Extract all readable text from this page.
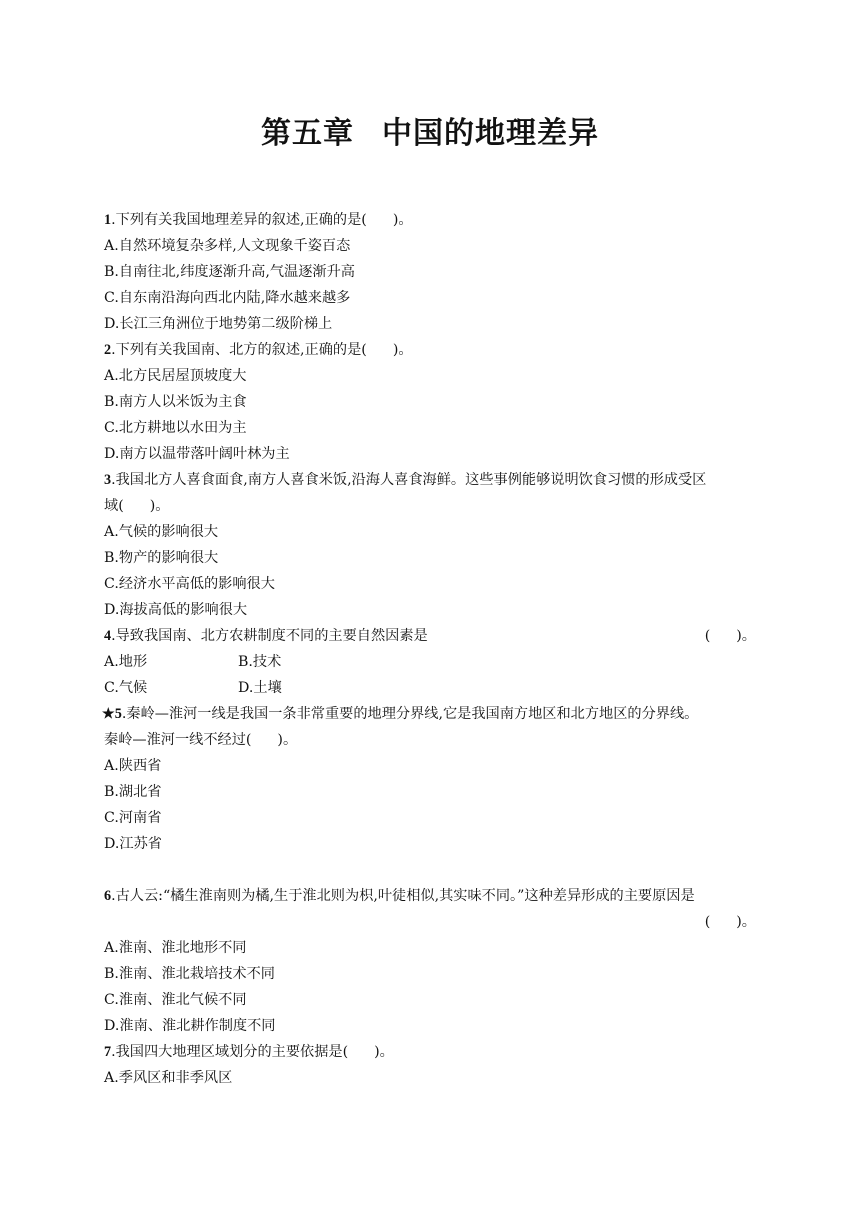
第五章 中国的地理差异
1.下列有关我国地理差异的叙述,正确的是( )。
A.自然环境复杂多样,人文现象千姿百态
B.自南往北,纬度逐渐升高,气温逐渐升高
C.自东南沿海向西北内陆,降水越来越多
D.长江三角洲位于地势第二级阶梯上
2.下列有关我国南、北方的叙述,正确的是( )。
A.北方民居屋顶坡度大
B.南方人以米饭为主食
C.北方耕地以水田为主
D.南方以温带落叶阔叶林为主
3.我国北方人喜食面食,南方人喜食米饭,沿海人喜食海鲜。这些事例能够说明饮食习惯的形成受区
域( )。
A.气候的影响很大
B.物产的影响很大
C.经济水平高低的影响很大
D.海拔高低的影响很大
4.导致我国南、北方农耕制度不同的主要自然因素是	( )。
A.地形	B.技术
C.气候	D.土壤
★5.秦岭—淮河一线是我国一条非常重要的地理分界线,它是我国南方地区和北方地区的分界线。
秦岭—淮河一线不经过( )。
A.陕西省
B.湖北省
C.河南省
D.江苏省
6.古人云:“橘生淮南则为橘,生于淮北则为枳,叶徒相似,其实味不同。”这种差异形成的主要原因是
( )。
A.淮南、淮北地形不同
B.淮南、淮北栽培技术不同
C.淮南、淮北气候不同
D.淮南、淮北耕作制度不同
7.我国四大地理区域划分的主要依据是( )。
A.季风区和非季风区
